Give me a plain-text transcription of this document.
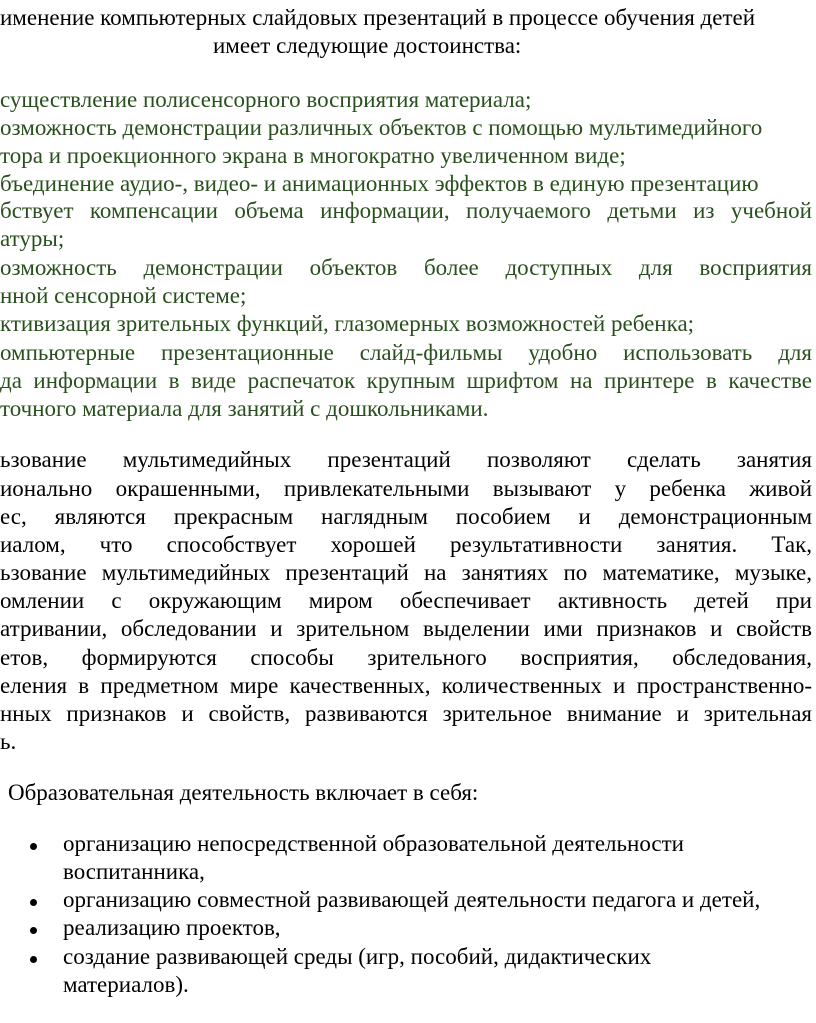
именение компьютерных слайдовых презентаций в процессе обучения детей
имеет следующие достоинства:
существление полисенсорного восприятия материала;
озможность демонстрации различных объектов с помощью мультимедийного
тора и проекционного экрана в многократно увеличенном виде;
бъединение аудио-, видео- и анимационных эффектов в единую презентацию
бствует компенсации объема информации, получаемого детьми из учебной
атуры;
озможность демонстрации объектов более доступных для восприятия
нной сенсорной системе;
ктивизация зрительных функций, глазомерных возможностей ребенка;
омпьютерные презентационные слайд-фильмы удобно использовать для
да информации в виде распечаток крупным шрифтом на принтере в качестве
точного материала для занятий с дошкольниками.
ьзование мультимедийных презентаций позволяют сделать занятия
ионально окрашенными, привлекательными вызывают у ребенка живой
ес, являются прекрасным наглядным пособием и демонстрационным
иалом, что способствует хорошей результативности занятия. Так,
ьзование мультимедийных презентаций на занятиях по математике, музыке,
омлении с окружающим миром обеспечивает активность детей при
атривании, обследовании и зрительном выделении ими признаков и свойств
етов, формируются способы зрительного восприятия, обследования,
еления в предметном мире качественных, количественных и пространственно-
нных признаков и свойств, развиваются зрительное внимание и зрительная
ь.
Образовательная деятельность включает в себя:
организацию непосредственной образовательной деятельности
воспитанника,
организацию совместной развивающей деятельности педагога и детей,
реализацию проектов,
создание развивающей среды (игр, пособий, дидактических
материалов).
